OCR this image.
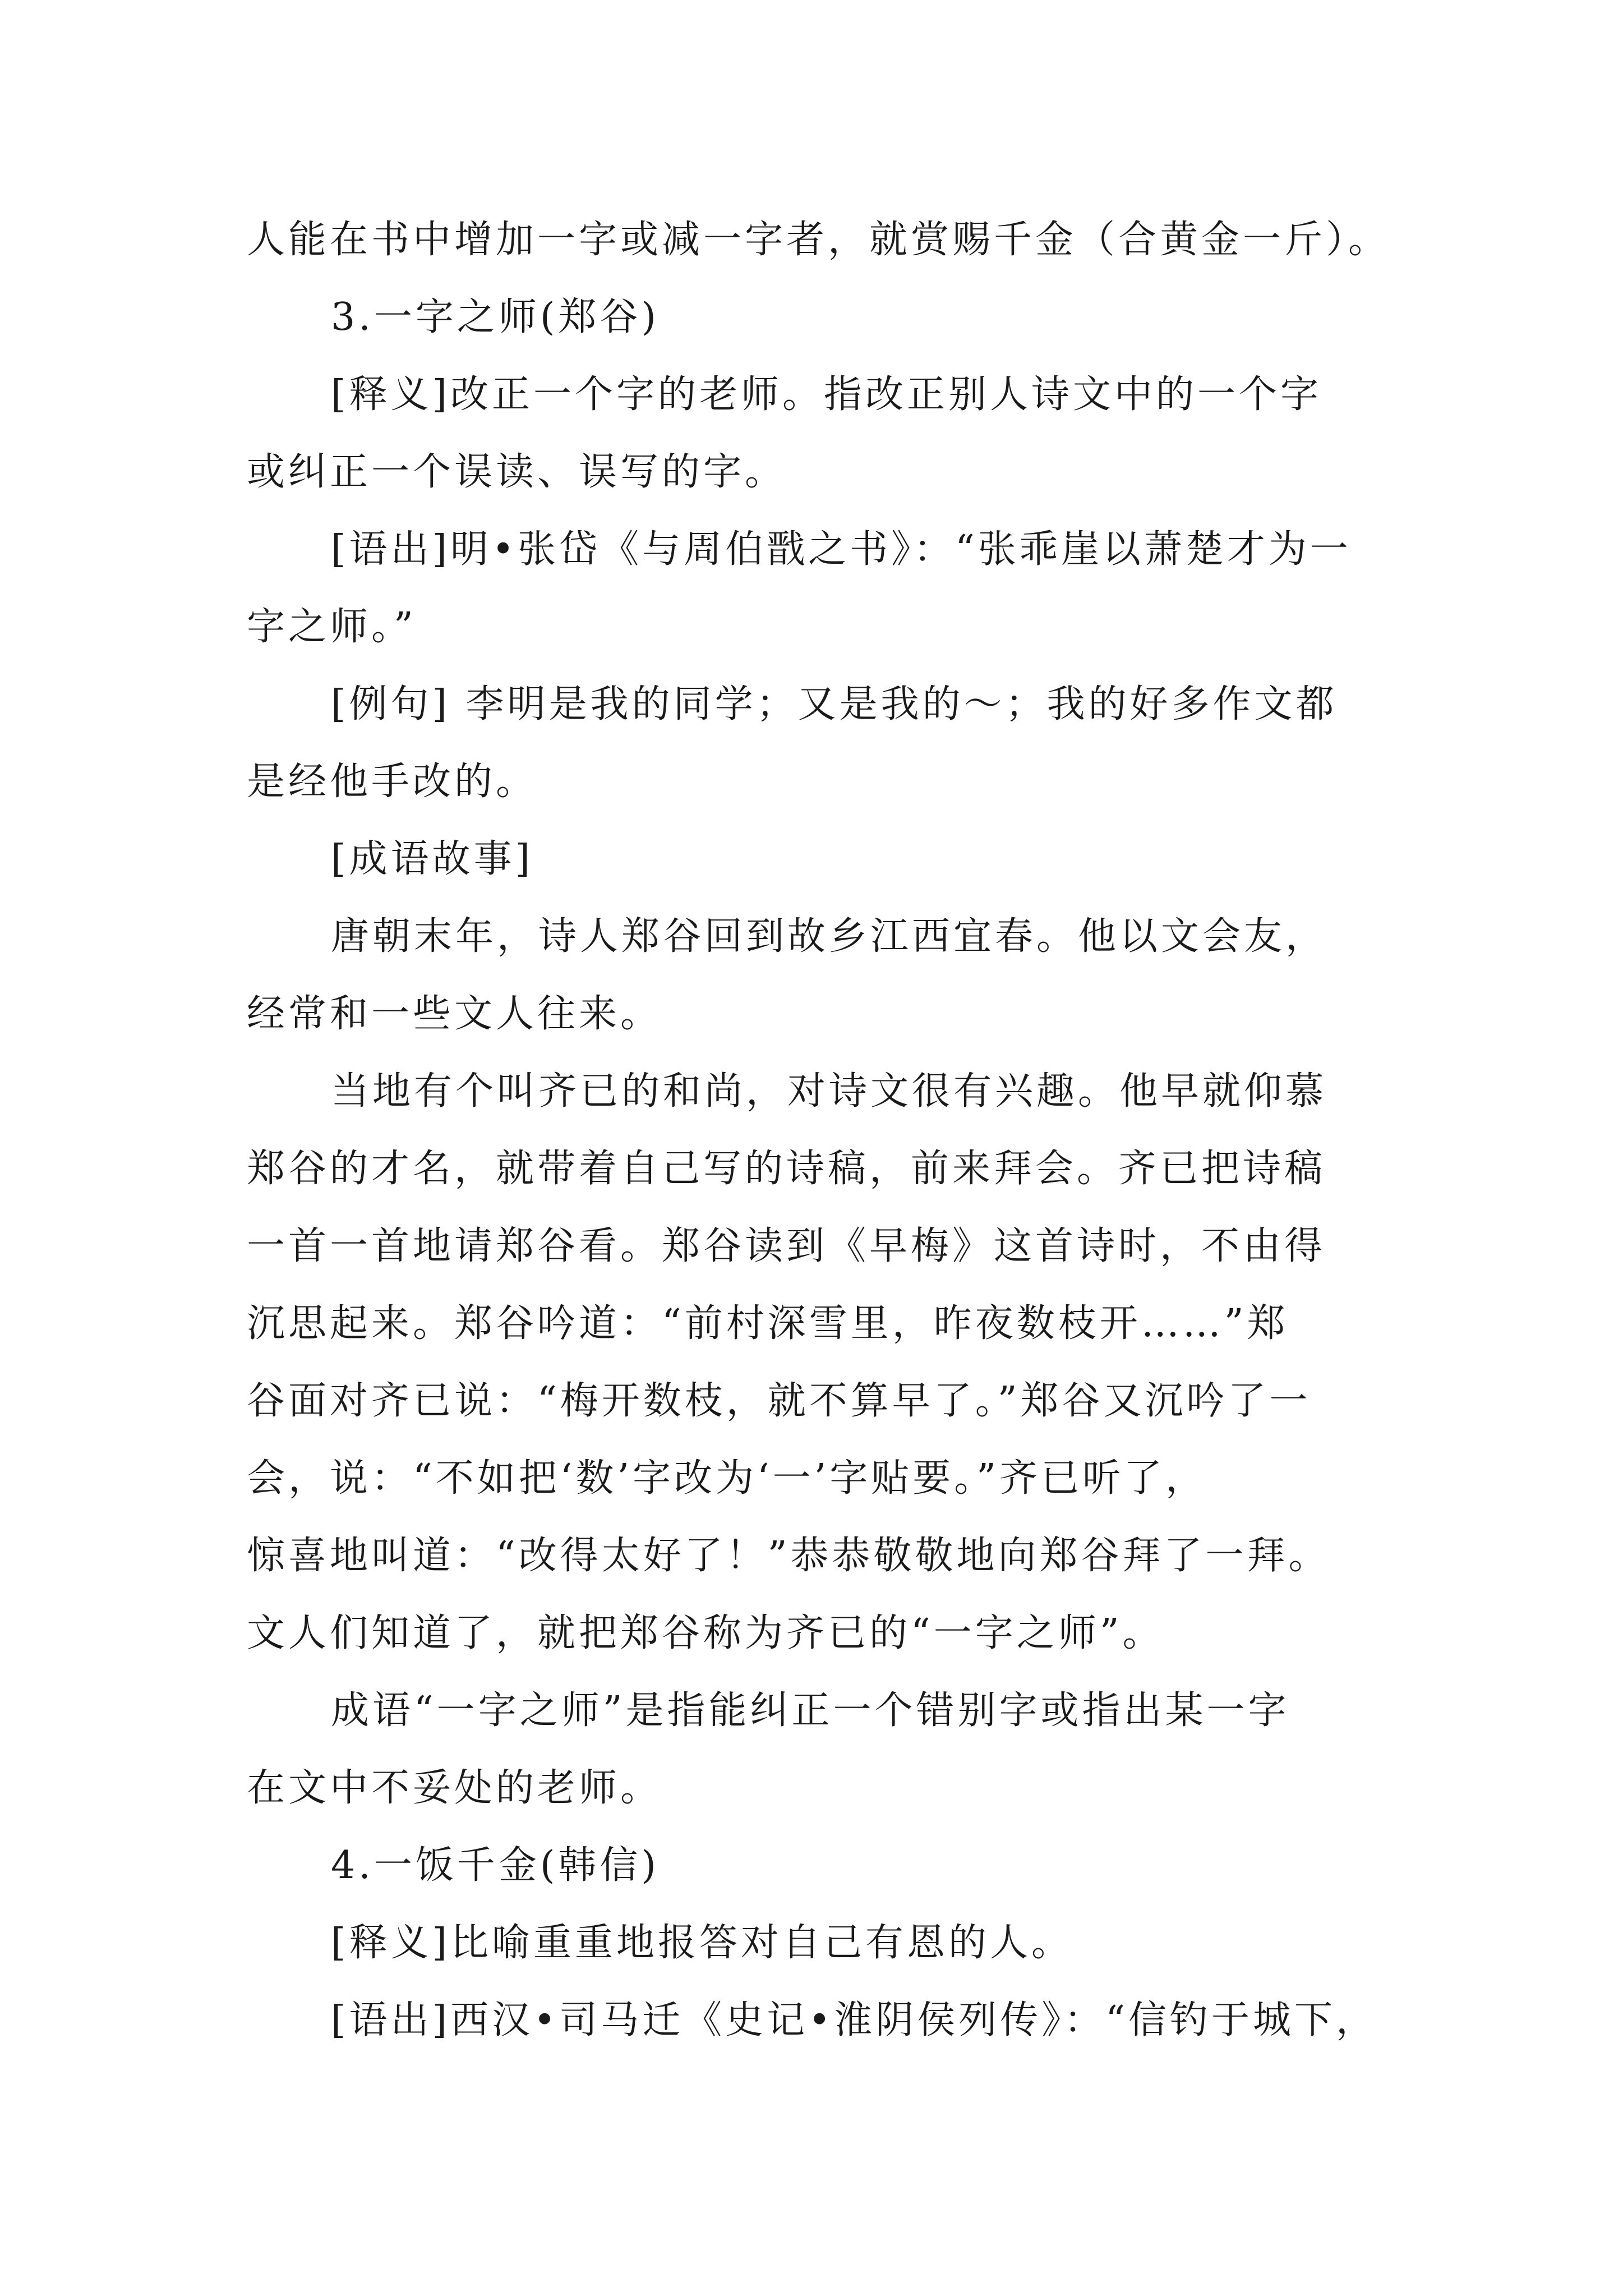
人能在书中增加一字或减一字者，就赏赐千金（合黄金一斤）。
3.一字之师(郑谷)
[释义]改正一个字的老师。指改正别人诗文中的一个字
或纠正一个误读、误写的字。
[语出]明•张岱《与周伯戬之书》：“张乖崖以萧楚才为一
字之师。”
[例句] 李明是我的同学；又是我的～；我的好多作文都
是经他手改的。
[成语故事]
唐朝末年，诗人郑谷回到故乡江西宜春。他以文会友，
经常和一些文人往来。
当地有个叫齐已的和尚，对诗文很有兴趣。他早就仰慕
郑谷的才名，就带着自己写的诗稿，前来拜会。齐已把诗稿
一首一首地请郑谷看。郑谷读到《早梅》这首诗时，不由得
沉思起来。郑谷吟道：“前村深雪里，昨夜数枝开……”郑
谷面对齐已说：“梅开数枝，就不算早了。”郑谷又沉吟了一
会，说：“不如把‘数’字改为‘一’字贴要。”齐已听了，
惊喜地叫道：“改得太好了！”恭恭敬敬地向郑谷拜了一拜。
文人们知道了，就把郑谷称为齐已的“一字之师”。
成语“一字之师”是指能纠正一个错别字或指出某一字
在文中不妥处的老师。
4.一饭千金(韩信)
[释义]比喻重重地报答对自己有恩的人。
[语出]西汉•司马迁《史记•淮阴侯列传》：“信钓于城下，
